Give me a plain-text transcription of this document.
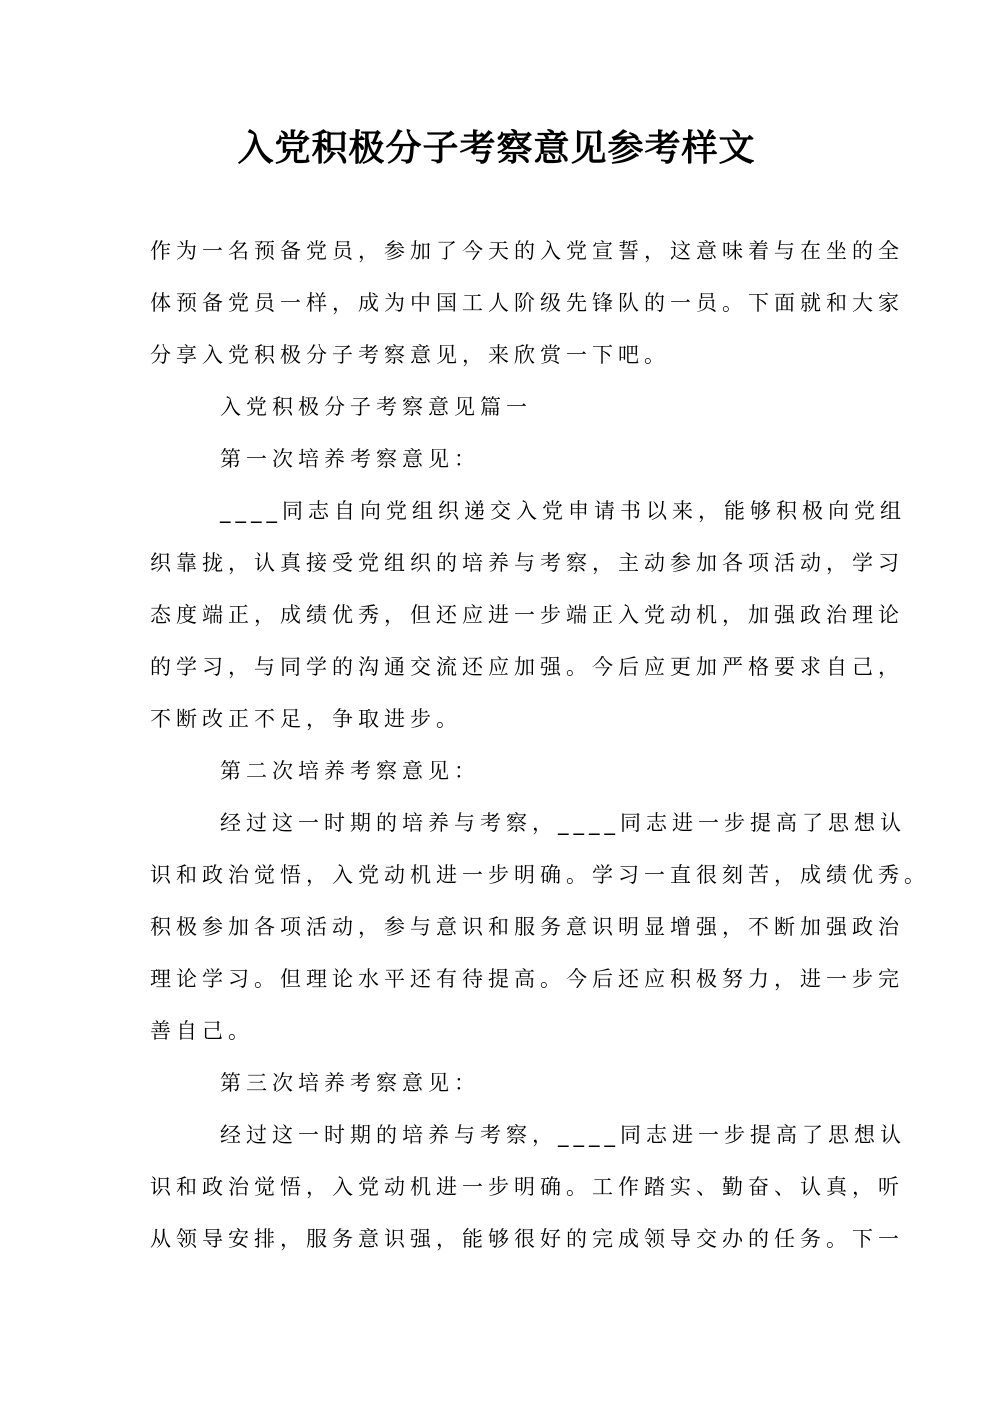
入党积极分子考察意见参考样文
作为一名预备党员，参加了今天的入党宣誓，这意味着与在坐的全
体预备党员一样，成为中国工人阶级先锋队的一员。下面就和大家
分享入党积极分子考察意见，来欣赏一下吧。
入党积极分子考察意见篇一
第一次培养考察意见：
____同志自向党组织递交入党申请书以来，能够积极向党组
织靠拢，认真接受党组织的培养与考察，主动参加各项活动，学习
态度端正，成绩优秀，但还应进一步端正入党动机，加强政治理论
的学习，与同学的沟通交流还应加强。今后应更加严格要求自己，
不断改正不足，争取进步。
第二次培养考察意见：
经过这一时期的培养与考察，____同志进一步提高了思想认
识和政治觉悟，入党动机进一步明确。学习一直很刻苦，成绩优秀。
积极参加各项活动，参与意识和服务意识明显增强，不断加强政治
理论学习。但理论水平还有待提高。今后还应积极努力，进一步完
善自己。
第三次培养考察意见：
经过这一时期的培养与考察，____同志进一步提高了思想认
识和政治觉悟，入党动机进一步明确。工作踏实、勤奋、认真，听
从领导安排，服务意识强，能够很好的完成领导交办的任务。下一
